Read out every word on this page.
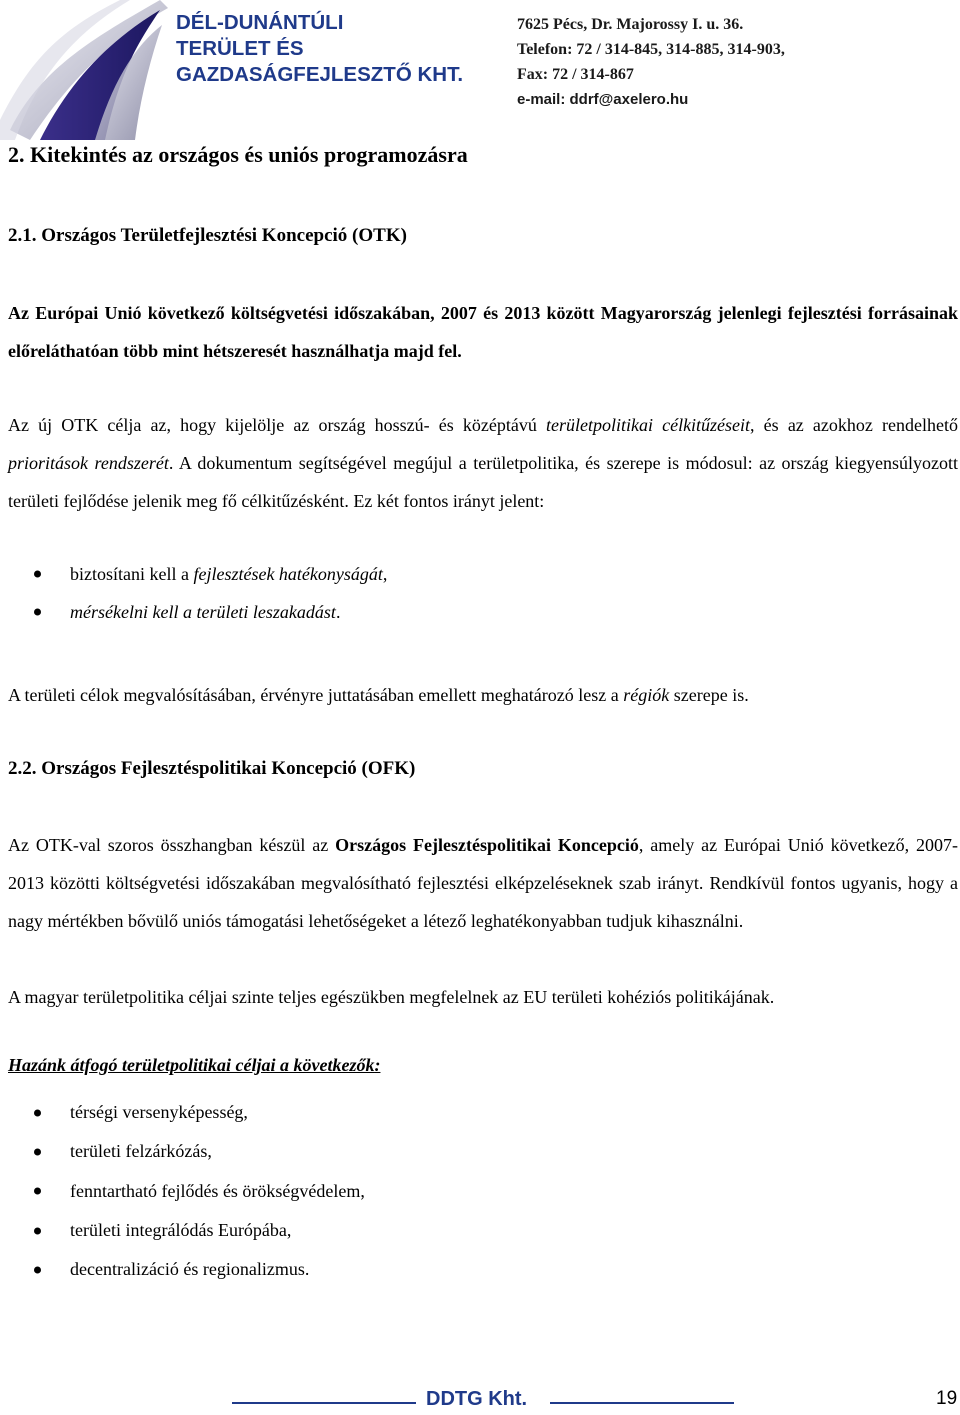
DÉL-DUNÁNTÚLI
TERÜLET ÉS
GAZDASÁGFEJLESZTŐ KHT.
7625 Pécs, Dr. Majorossy I. u. 36.
Telefon: 72 / 314-845, 314-885, 314-903,
Fax: 72 / 314-867
e-mail: ddrf@axelero.hu
2. Kitekintés az országos és uniós programozásra
2.1. Országos Területfejlesztési Koncepció (OTK)
Az Európai Unió következő költségvetési időszakában, 2007 és 2013 között Magyarország jelenlegi fejlesztési forrásainak előreláthatóan több mint hétszeresét használhatja majd fel.
Az új OTK célja az, hogy kijelölje az ország hosszú- és középtávú területpolitikai célkitűzéseit, és az azokhoz rendelhető prioritások rendszerét. A dokumentum segítségével megújul a területpolitika, és szerepe is módosul: az ország kiegyensúlyozott területi fejlődése jelenik meg fő célkitűzésként. Ez két fontos irányt jelent:
biztosítani kell a fejlesztések hatékonyságát,
mérsékelni kell a területi leszakadást.
A területi célok megvalósításában, érvényre juttatásában emellett meghatározó lesz a régiók szerepe is.
2.2. Országos Fejlesztéspolitikai Koncepció (OFK)
Az OTK-val szoros összhangban készül az Országos Fejlesztéspolitikai Koncepció, amely az Európai Unió következő, 2007-2013 közötti költségvetési időszakában megvalósítható fejlesztési elképzeléseknek szab irányt. Rendkívül fontos ugyanis, hogy a nagy mértékben bővülő uniós támogatási lehetőségeket a létező leghatékonyabban tudjuk kihasználni.
A magyar területpolitika céljai szinte teljes egészükben megfelelnek az EU területi kohéziós politikájának.
Hazánk átfogó területpolitikai céljai a következők:
térségi versenyképesség,
területi felzárkózás,
fenntartható fejlődés és örökségvédelem,
területi integrálódás Európába,
decentralizáció és regionalizmus.
DDTG Kht.	19
